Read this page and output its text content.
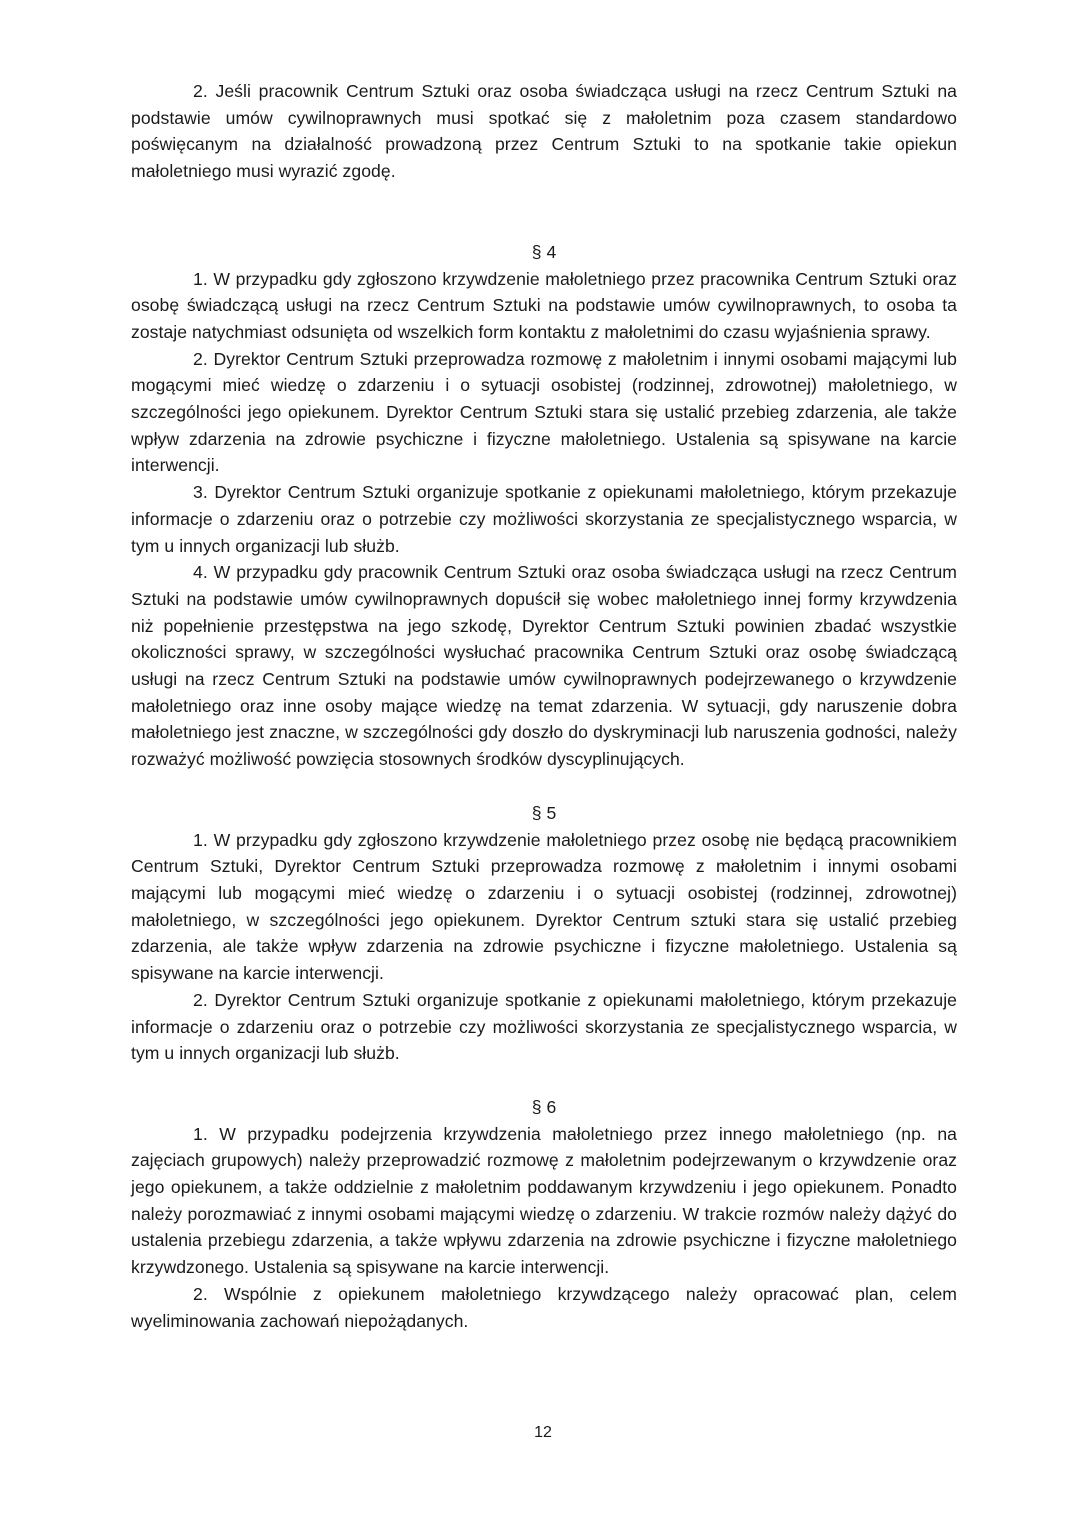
2. Jeśli pracownik Centrum Sztuki oraz osoba świadcząca usługi na rzecz Centrum Sztuki na podstawie umów cywilnoprawnych musi spotkać się z małoletnim poza czasem standardowo poświęcanym na działalność prowadzoną przez Centrum Sztuki to na spotkanie takie opiekun małoletniego musi wyrazić zgodę.

§ 4

1. W przypadku gdy zgłoszono krzywdzenie małoletniego przez pracownika Centrum Sztuki oraz osobę świadczącą usługi na rzecz Centrum Sztuki na podstawie umów cywilnoprawnych, to osoba ta zostaje natychmiast odsunięta od wszelkich form kontaktu z małoletnimi do czasu wyjaśnienia sprawy.

2. Dyrektor Centrum Sztuki przeprowadza rozmowę z małoletnim i innymi osobami mającymi lub mogącymi mieć wiedzę o zdarzeniu i o sytuacji osobistej (rodzinnej, zdrowotnej) małoletniego, w szczególności jego opiekunem. Dyrektor Centrum Sztuki stara się ustalić przebieg zdarzenia, ale także wpływ zdarzenia na zdrowie psychiczne i fizyczne małoletniego. Ustalenia są spisywane na karcie interwencji.

3. Dyrektor Centrum Sztuki organizuje spotkanie z opiekunami małoletniego, którym przekazuje informacje o zdarzeniu oraz o potrzebie czy możliwości skorzystania ze specjalistycznego wsparcia, w tym u innych organizacji lub służb.

4. W przypadku gdy pracownik Centrum Sztuki oraz osoba świadcząca usługi na rzecz Centrum Sztuki na podstawie umów cywilnoprawnych dopuścił się wobec małoletniego innej formy krzywdzenia niż popełnienie przestępstwa na jego szkodę, Dyrektor Centrum Sztuki powinien zbadać wszystkie okoliczności sprawy, w szczególności wysłuchać pracownika Centrum Sztuki oraz osobę świadczącą usługi na rzecz Centrum Sztuki na podstawie umów cywilnoprawnych podejrzewanego o krzywdzenie małoletniego oraz inne osoby mające wiedzę na temat zdarzenia. W sytuacji, gdy naruszenie dobra małoletniego jest znaczne, w szczególności gdy doszło do dyskryminacji lub naruszenia godności, należy rozważyć możliwość powzięcia stosownych środków dyscyplinujących.

§ 5

1. W przypadku gdy zgłoszono krzywdzenie małoletniego przez osobę nie będącą pracownikiem Centrum Sztuki, Dyrektor Centrum Sztuki przeprowadza rozmowę z małoletnim i innymi osobami mającymi lub mogącymi mieć wiedzę o zdarzeniu i o sytuacji osobistej (rodzinnej, zdrowotnej) małoletniego, w szczególności jego opiekunem. Dyrektor Centrum sztuki stara się ustalić przebieg zdarzenia, ale także wpływ zdarzenia na zdrowie psychiczne i fizyczne małoletniego. Ustalenia są spisywane na karcie interwencji.

2. Dyrektor Centrum Sztuki organizuje spotkanie z opiekunami małoletniego, którym przekazuje informacje o zdarzeniu oraz o potrzebie czy możliwości skorzystania ze specjalistycznego wsparcia, w tym u innych organizacji lub służb.

§ 6

1. W przypadku podejrzenia krzywdzenia małoletniego przez innego małoletniego (np. na zajęciach grupowych) należy przeprowadzić rozmowę z małoletnim podejrzewanym o krzywdzenie oraz jego opiekunem, a także oddzielnie z małoletnim poddawanym krzywdzeniu i jego opiekunem. Ponadto należy porozmawiać z innymi osobami mającymi wiedzę o zdarzeniu. W trakcie rozmów należy dążyć do ustalenia przebiegu zdarzenia, a także wpływu zdarzenia na zdrowie psychiczne i fizyczne małoletniego krzywdzonego. Ustalenia są spisywane na karcie interwencji.

2. Wspólnie z opiekunem małoletniego krzywdzącego należy opracować plan, celem wyeliminowania zachowań niepożądanych.

12
